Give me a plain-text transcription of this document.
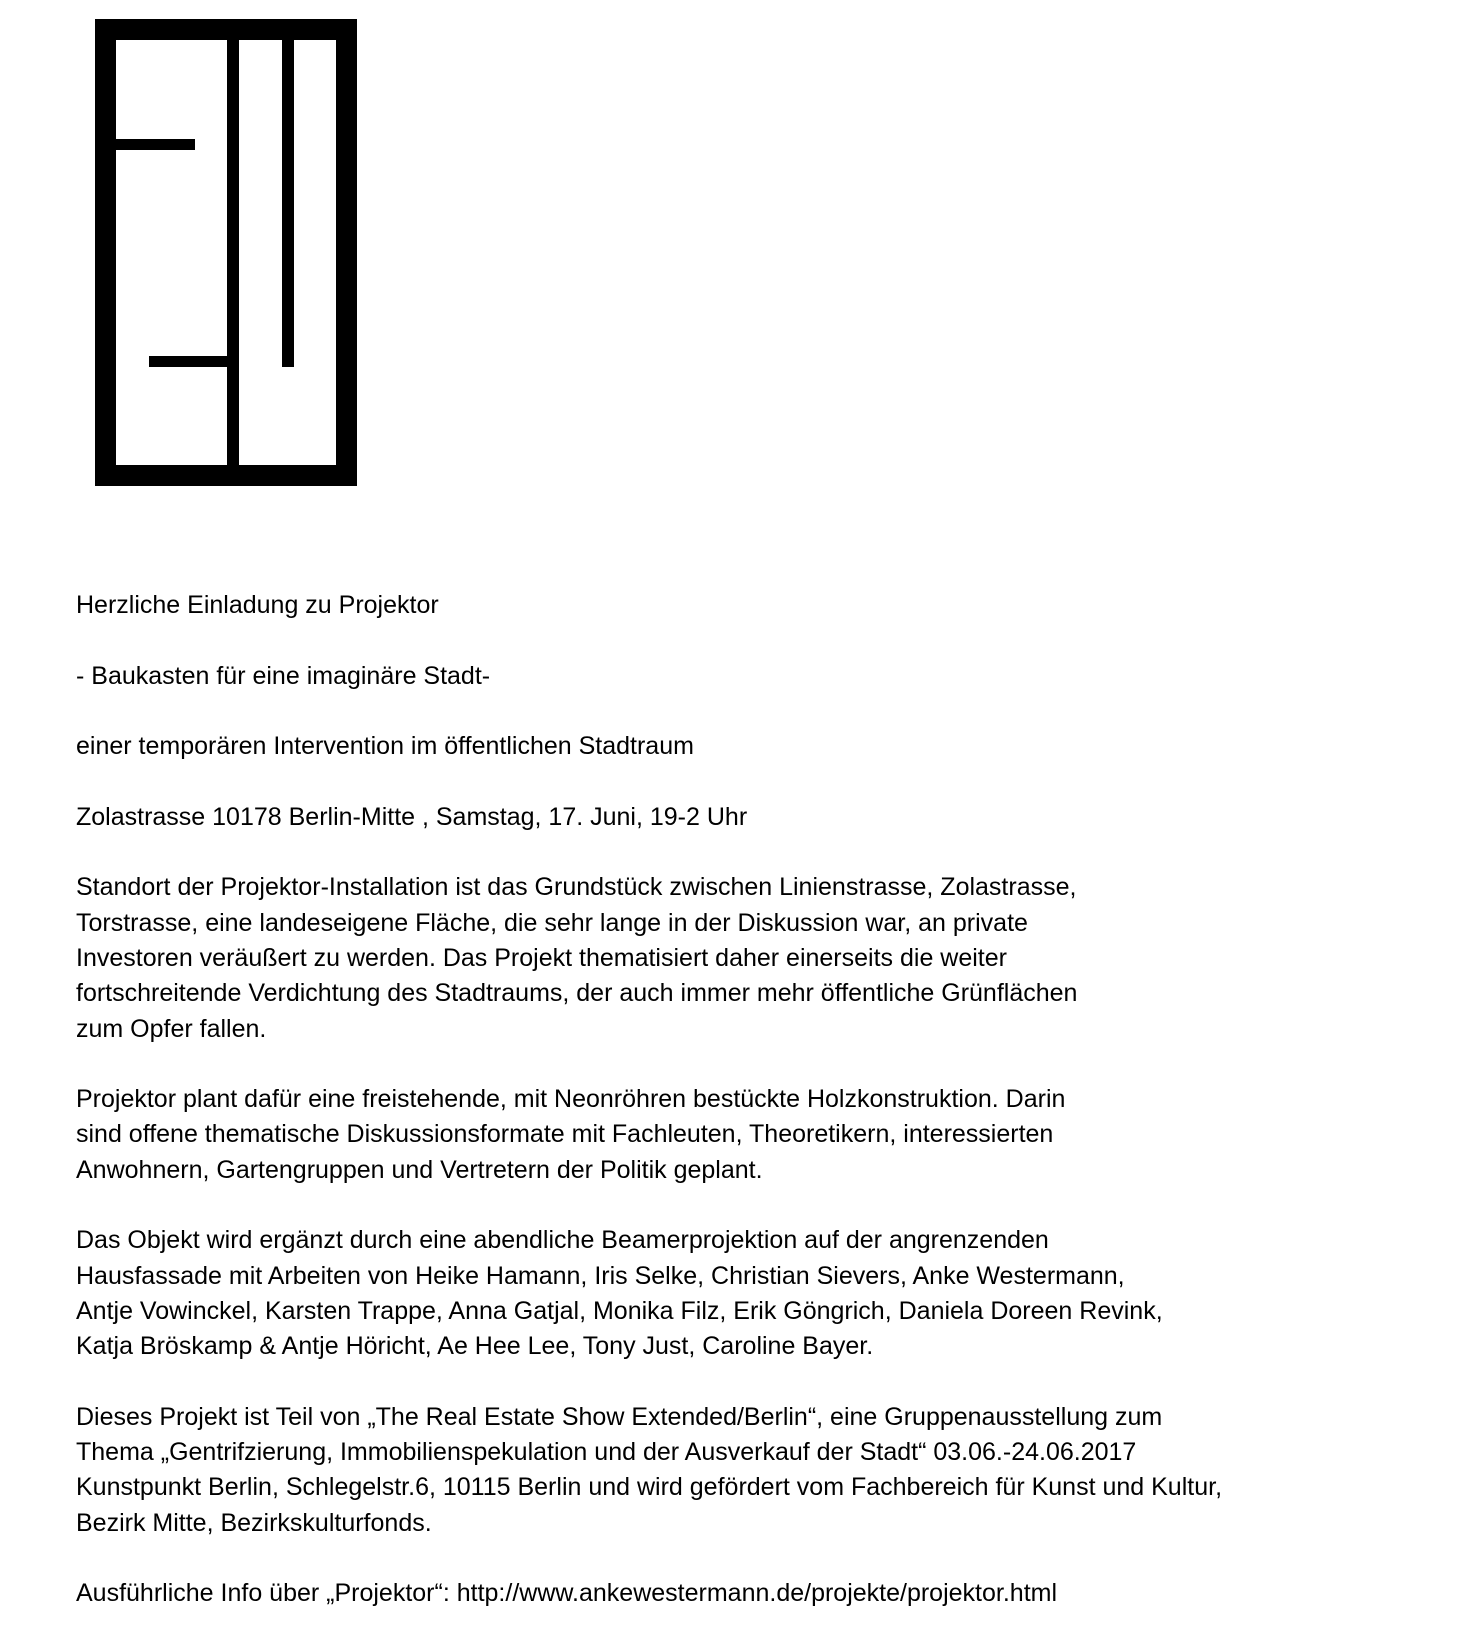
Herzliche Einladung zu Projektor

- Baukasten für eine imaginäre Stadt-

einer temporären Intervention im öffentlichen Stadtraum

Zolastrasse 10178 Berlin-Mitte , Samstag, 17. Juni, 19-2 Uhr

Standort der Projektor-Installation ist das Grundstück zwischen Linienstrasse, Zolastrasse,
Torstrasse, eine landeseigene Fläche, die sehr lange in der Diskussion war, an private
Investoren veräußert zu werden. Das Projekt thematisiert daher einerseits die weiter
fortschreitende Verdichtung des Stadtraums, der auch immer mehr öffentliche Grünflächen
zum Opfer fallen.

Projektor plant dafür eine freistehende, mit Neonröhren bestückte Holzkonstruktion. Darin
sind offene thematische Diskussionsformate mit Fachleuten, Theoretikern, interessierten
Anwohnern, Gartengruppen und Vertretern der Politik geplant.

Das Objekt wird ergänzt durch eine abendliche Beamerprojektion auf der angrenzenden
Hausfassade mit Arbeiten von Heike Hamann, Iris Selke, Christian Sievers, Anke Westermann,
Antje Vowinckel, Karsten Trappe, Anna Gatjal, Monika Filz, Erik Göngrich, Daniela Doreen Revink,
Katja Bröskamp & Antje Höricht, Ae Hee Lee, Tony Just, Caroline Bayer.

Dieses Projekt ist Teil von „The Real Estate Show Extended/Berlin“, eine Gruppenausstellung zum
Thema „Gentrifzierung, Immobilienspekulation und der Ausverkauf der Stadt“ 03.06.-24.06.2017
Kunstpunkt Berlin, Schlegelstr.6, 10115 Berlin und wird gefördert vom Fachbereich für Kunst und Kultur,
Bezirk Mitte, Bezirkskulturfonds.

Ausführliche Info über „Projektor“: http://www.ankewestermann.de/projekte/projektor.html
